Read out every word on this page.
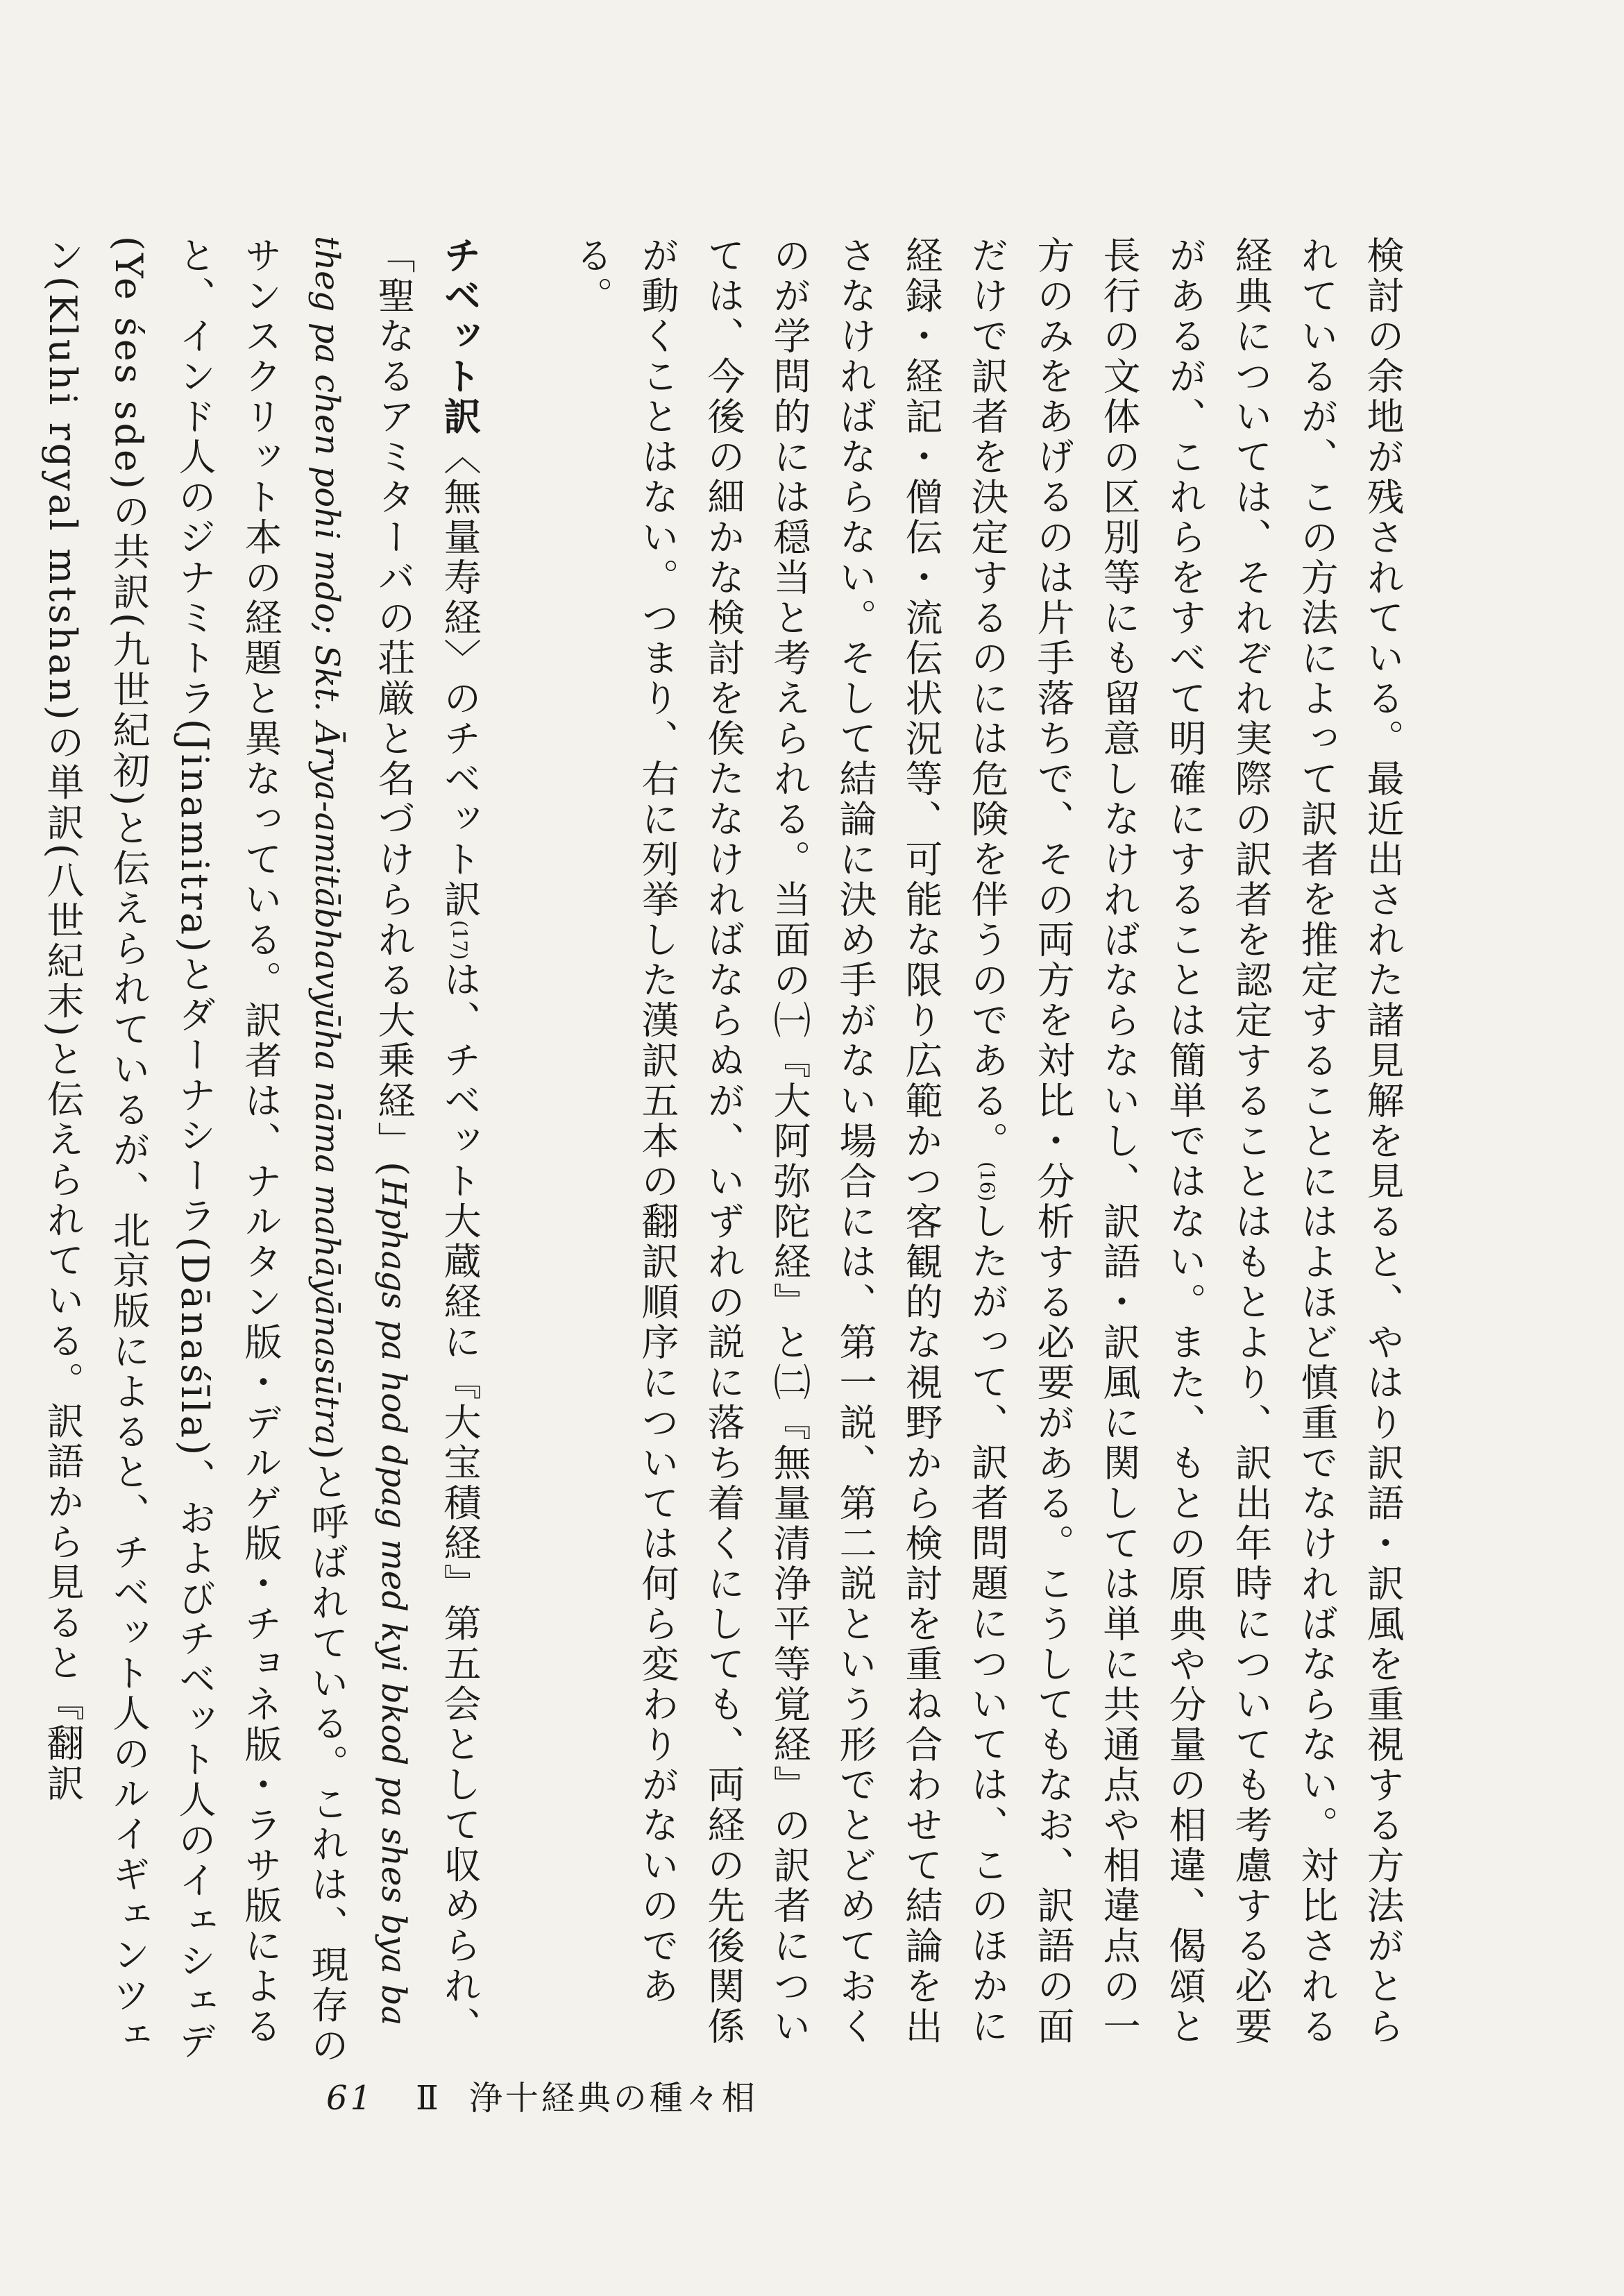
検討の余地が残されている。最近出された諸見解を見ると、やはり訳語・訳風を重視する方法がとられているが、この方法によって訳者を推定することにはよほど慎重でなければならない。対比される経典については、それぞれ実際の訳者を認定することはもとより、訳出年時についても考慮する必要があるが、これらをすべて明確にすることは簡単ではない。また、もとの原典や分量の相違、偈頌と長行の文体の区別等にも留意しなければならないし、訳語・訳風に関しては単に共通点や相違点の一方のみをあげるのは片手落ちで、その両方を対比・分析する必要がある。こうしてもなお、訳語の面だけで訳者を決定するのには危険を伴うのである。(16)したがって、訳者問題については、このほかに経録・経記・僧伝・流伝状況等、可能な限り広範かつ客観的な視野から検討を重ね合わせて結論を出さなければならない。そして結論に決め手がない場合には、第一説、第二説という形でとどめておくのが学問的には穏当と考えられる。当面の㈠『大阿弥陀経』と㈡『無量清浄平等覚経』の訳者については、今後の細かな検討を俟たなければならぬが、いずれの説に落ち着くにしても、両経の先後関係が動くことはない。つまり、右に列挙した漢訳五本の翻訳順序については何ら変わりがないのである。

チベット訳〈無量寿経〉のチベット訳(17)は、チベット大蔵経に『大宝積経』第五会として収められ、「聖なるアミターバの荘厳と名づけられる大乗経」(Hphags pa hod dpag med kyi bkod pa shes bya ba theg pa chen pohi mdo; Skt. Ārya-amitābhavyūha nāma mahāyānasūtra)と呼ばれている。これは、現存のサンスクリット本の経題と異なっている。訳者は、ナルタン版・デルゲ版・チョネ版・ラサ版によると、インド人のジナミトラ(Jinamitra)とダーナシーラ(Dānaśīla)、およびチベット人のイェシェデ(Ye śes sde)の共訳(九世紀初)と伝えられているが、北京版によると、チベット人のルイギェンツェン(Kluhi rgyal mtshan)の単訳(八世紀末)と伝えられている。訳語から見ると『翻訳

61 Ⅱ 浄十経典の種々相
